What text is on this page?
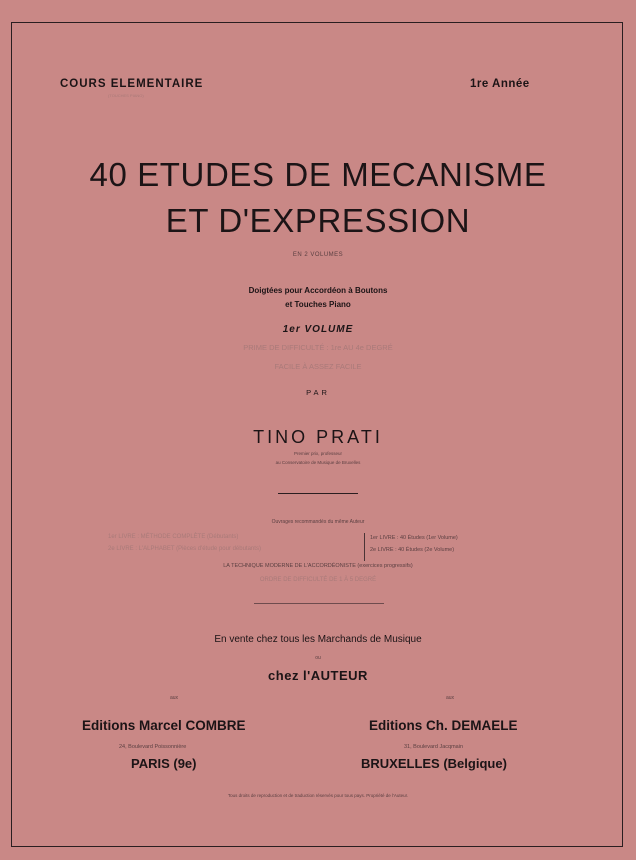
COURS ELEMENTAIRE
(TOUCHES PIANO)
1re Année
40 ETUDES DE MECANISME
ET D'EXPRESSION
EN 2 VOLUMES
Doigtées pour Accordéon à Boutons
et Touches Piano
1er VOLUME
PRIME DE DIFFICULTÉ : 1re AU 4e DEGRÉ
FACILE À ASSEZ FACILE
PAR
TINO PRATI
Premier prix, professeur
au Conservatoire de Musique de Bruxelles
Ouvrages recommandés du même Auteur
1er LIVRE : MÉTHODE COMPLÈTE (Débutants)
2e LIVRE : L'ALPHABET (Pièces d'étude pour débutants)
1er LIVRE : 40 Études (1er Volume)
2e LIVRE : 40 Études (2e Volume)
LA TECHNIQUE MODERNE DE L'ACCORDÉONISTE (exercices progressifs)
ORDRE DE DIFFICULTÉ DE 1 À 5 DEGRÉ
En vente chez tous les Marchands de Musique
ou
chez l'AUTEUR
aux
Editions Marcel COMBRE
24, Boulevard Poissonnière
PARIS (9e)
aux
Editions Ch. DEMAELE
31, Boulevard Jacqmain
BRUXELLES (Belgique)
Tous droits de reproduction et de traduction réservés pour tous pays. Propriété de l'Auteur.
